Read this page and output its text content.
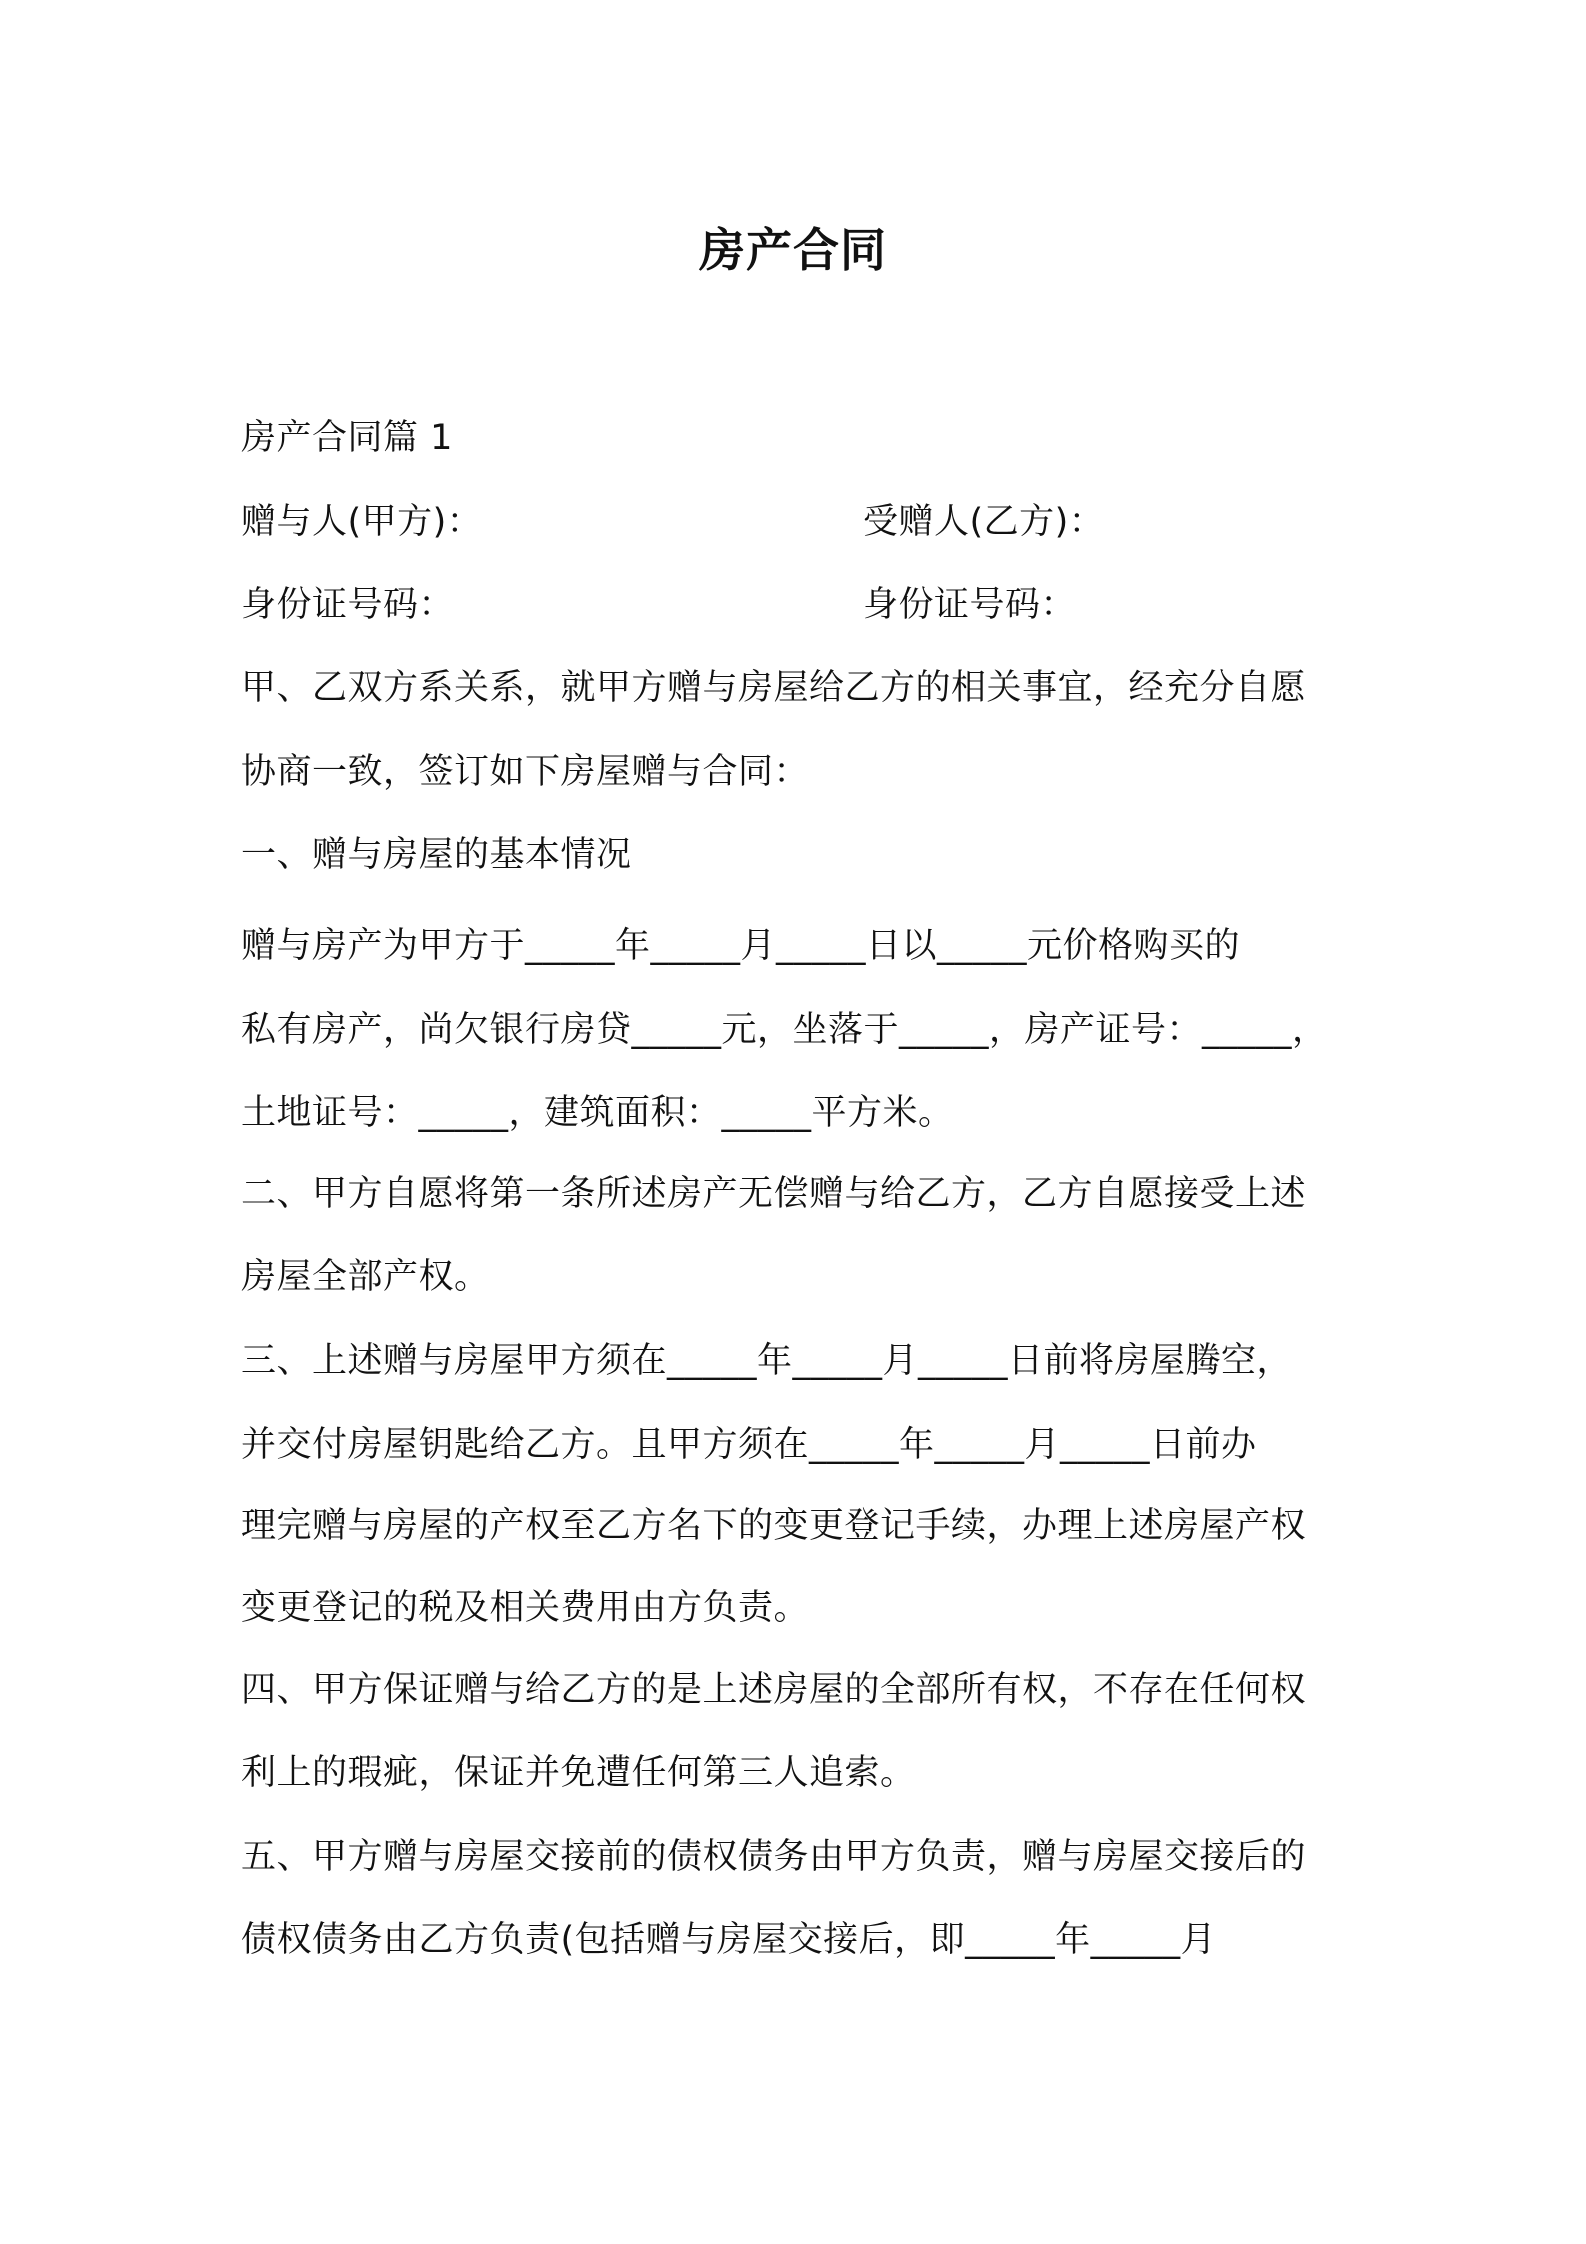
房产合同
房产合同篇 1
赠与人(甲方)：	受赠人(乙方)：
身份证号码：	身份证号码：
甲、乙双方系关系，就甲方赠与房屋给乙方的相关事宜，经充分自愿
协商一致，签订如下房屋赠与合同：
一、赠与房屋的基本情况
赠与房产为甲方于_____年_____月_____日以_____元价格购买的
私有房产，尚欠银行房贷_____元，坐落于_____，房产证号：_____，
土地证号：_____，建筑面积：_____平方米。
二、甲方自愿将第一条所述房产无偿赠与给乙方，乙方自愿接受上述
房屋全部产权。
三、上述赠与房屋甲方须在_____年_____月_____日前将房屋腾空，
并交付房屋钥匙给乙方。且甲方须在_____年_____月_____日前办
理完赠与房屋的产权至乙方名下的变更登记手续，办理上述房屋产权
变更登记的税及相关费用由方负责。
四、甲方保证赠与给乙方的是上述房屋的全部所有权，不存在任何权
利上的瑕疵，保证并免遭任何第三人追索。
五、甲方赠与房屋交接前的债权债务由甲方负责，赠与房屋交接后的
债权债务由乙方负责(包括赠与房屋交接后，即_____年_____月
